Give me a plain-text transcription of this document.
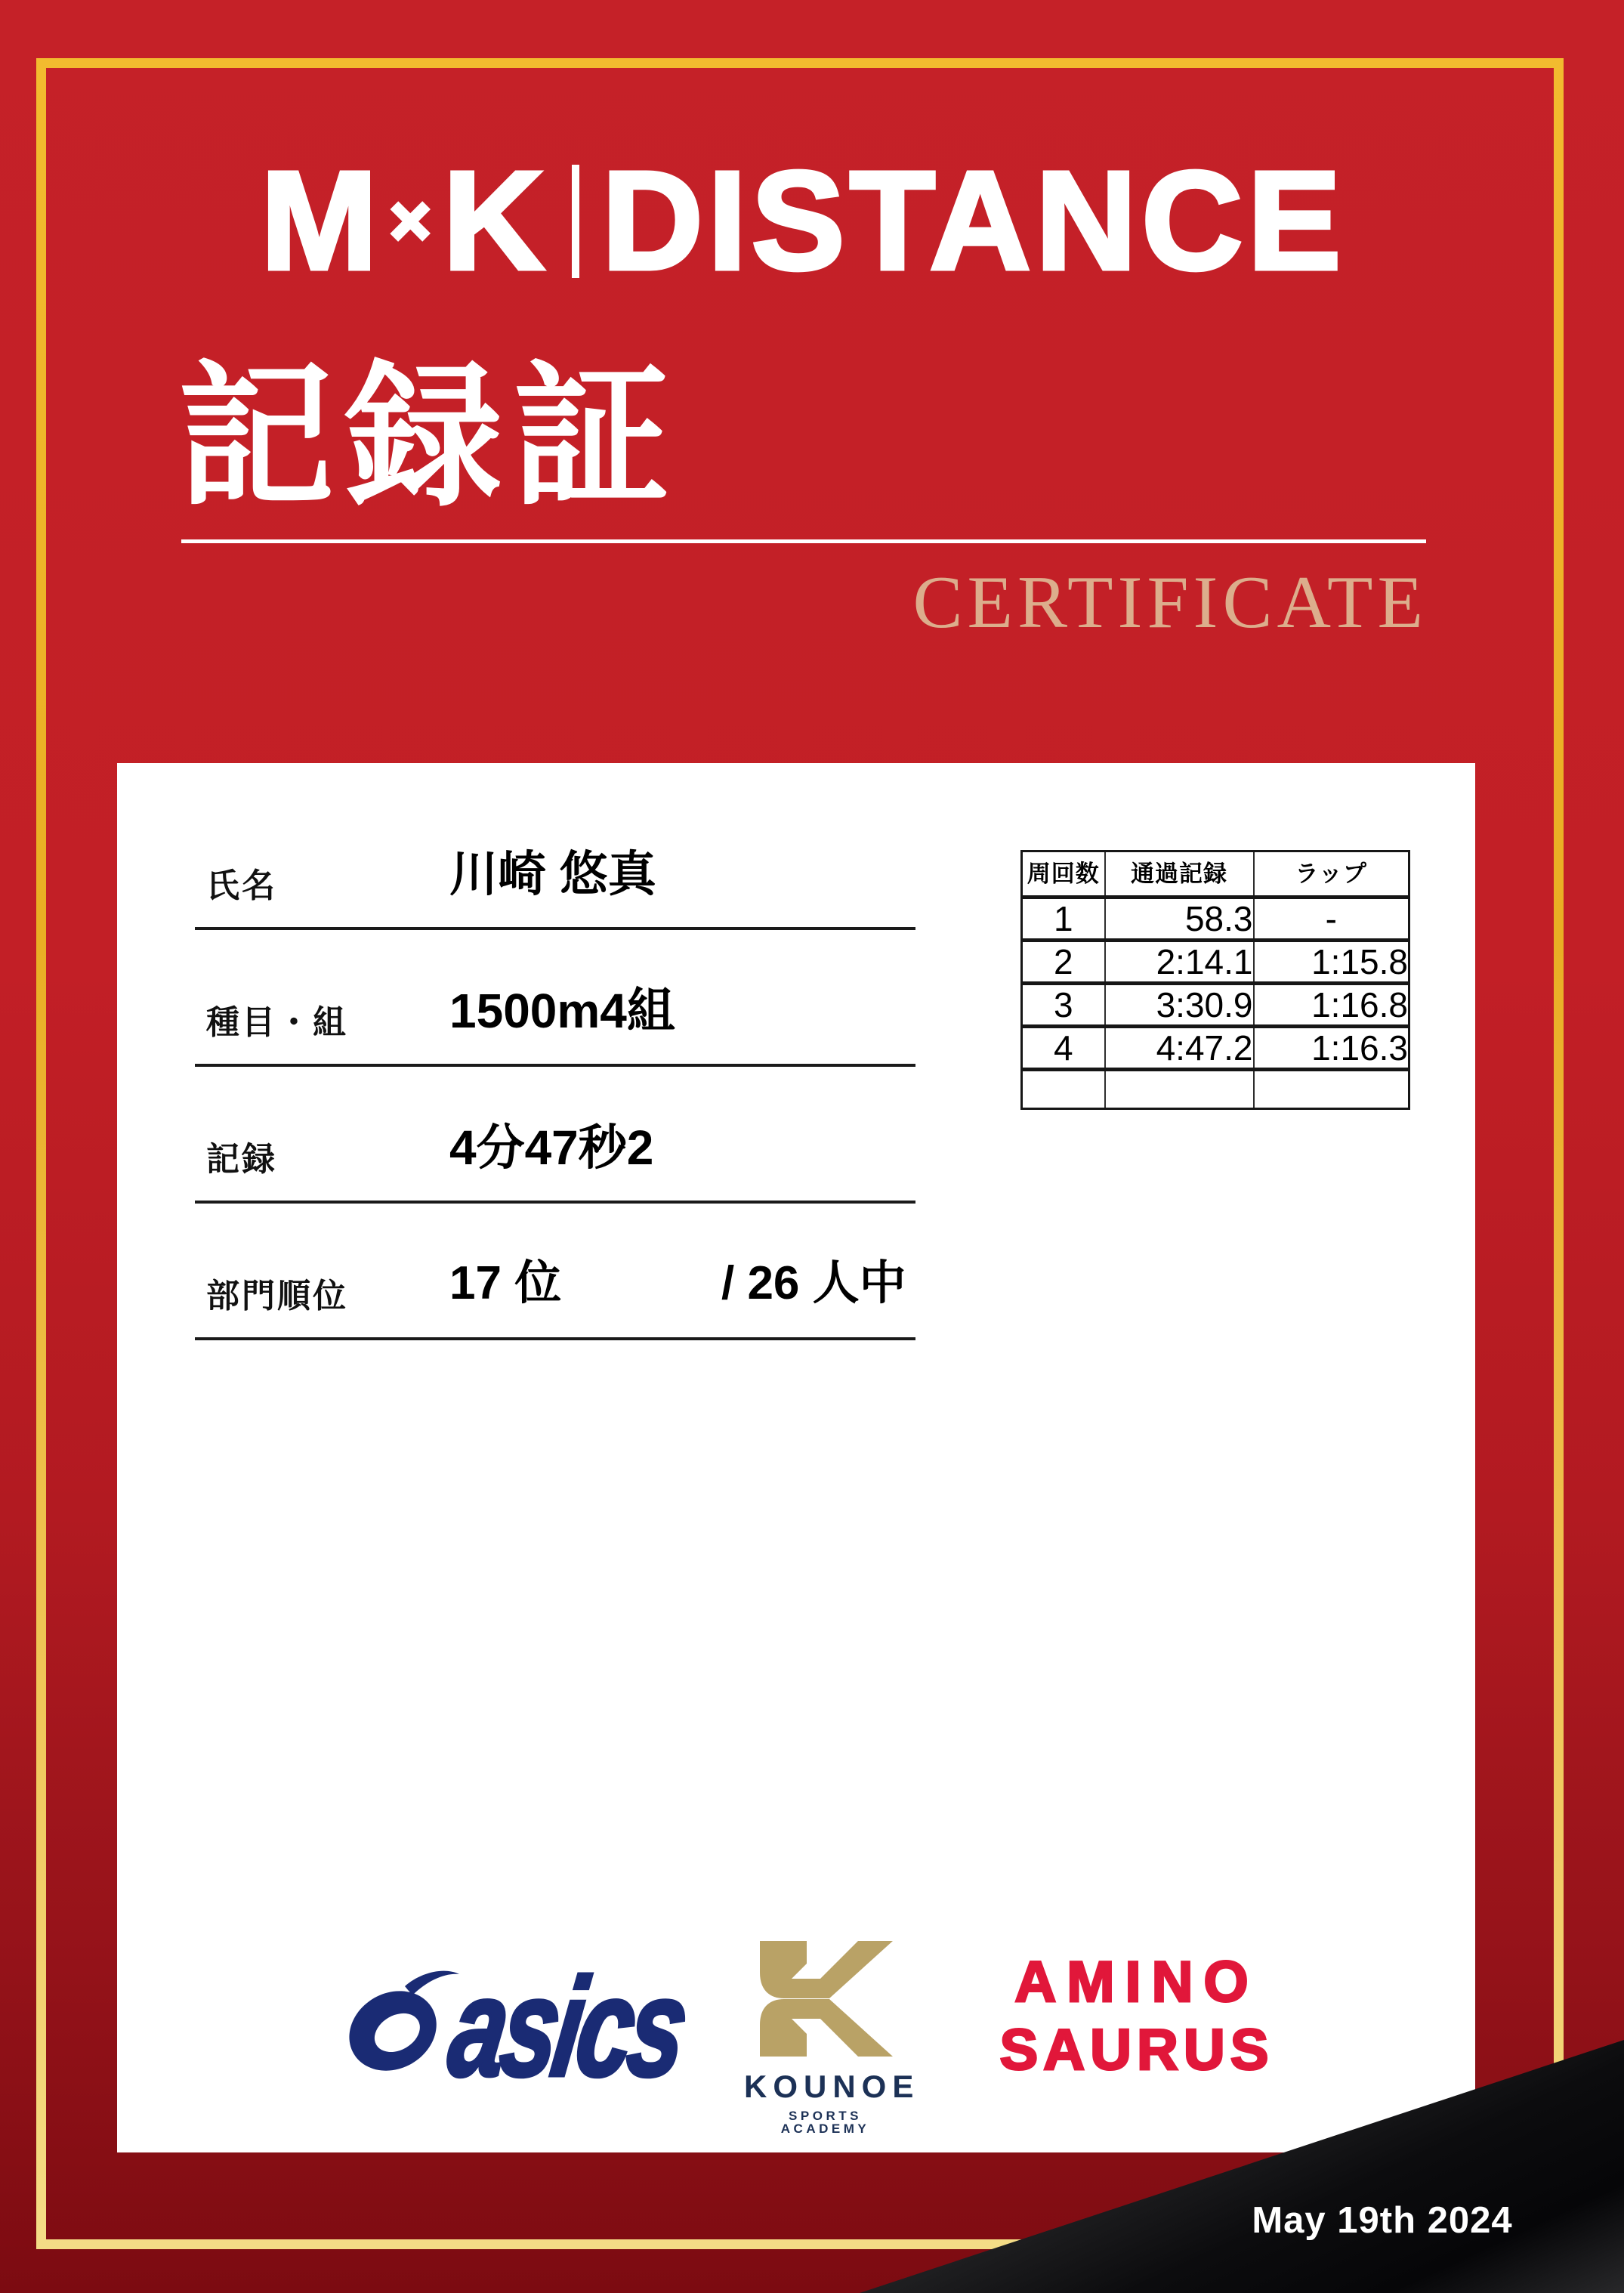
M × K DISTANCE
記録証
CERTIFICATE
氏名	川崎 悠真
種目・組 1500m4組
記録	4分47秒2
部門順位 17 位	/ 26 人中
周回数	通過記録	ラップ
1	58.3	-
2	2:14.1	1:15.8
3	3:30.9	1:16.8
4	4:47.2	1:16.3

asics KOUNOE
SPORTS ACADEMY
AMINO
SAURUS
May 19th 2024
